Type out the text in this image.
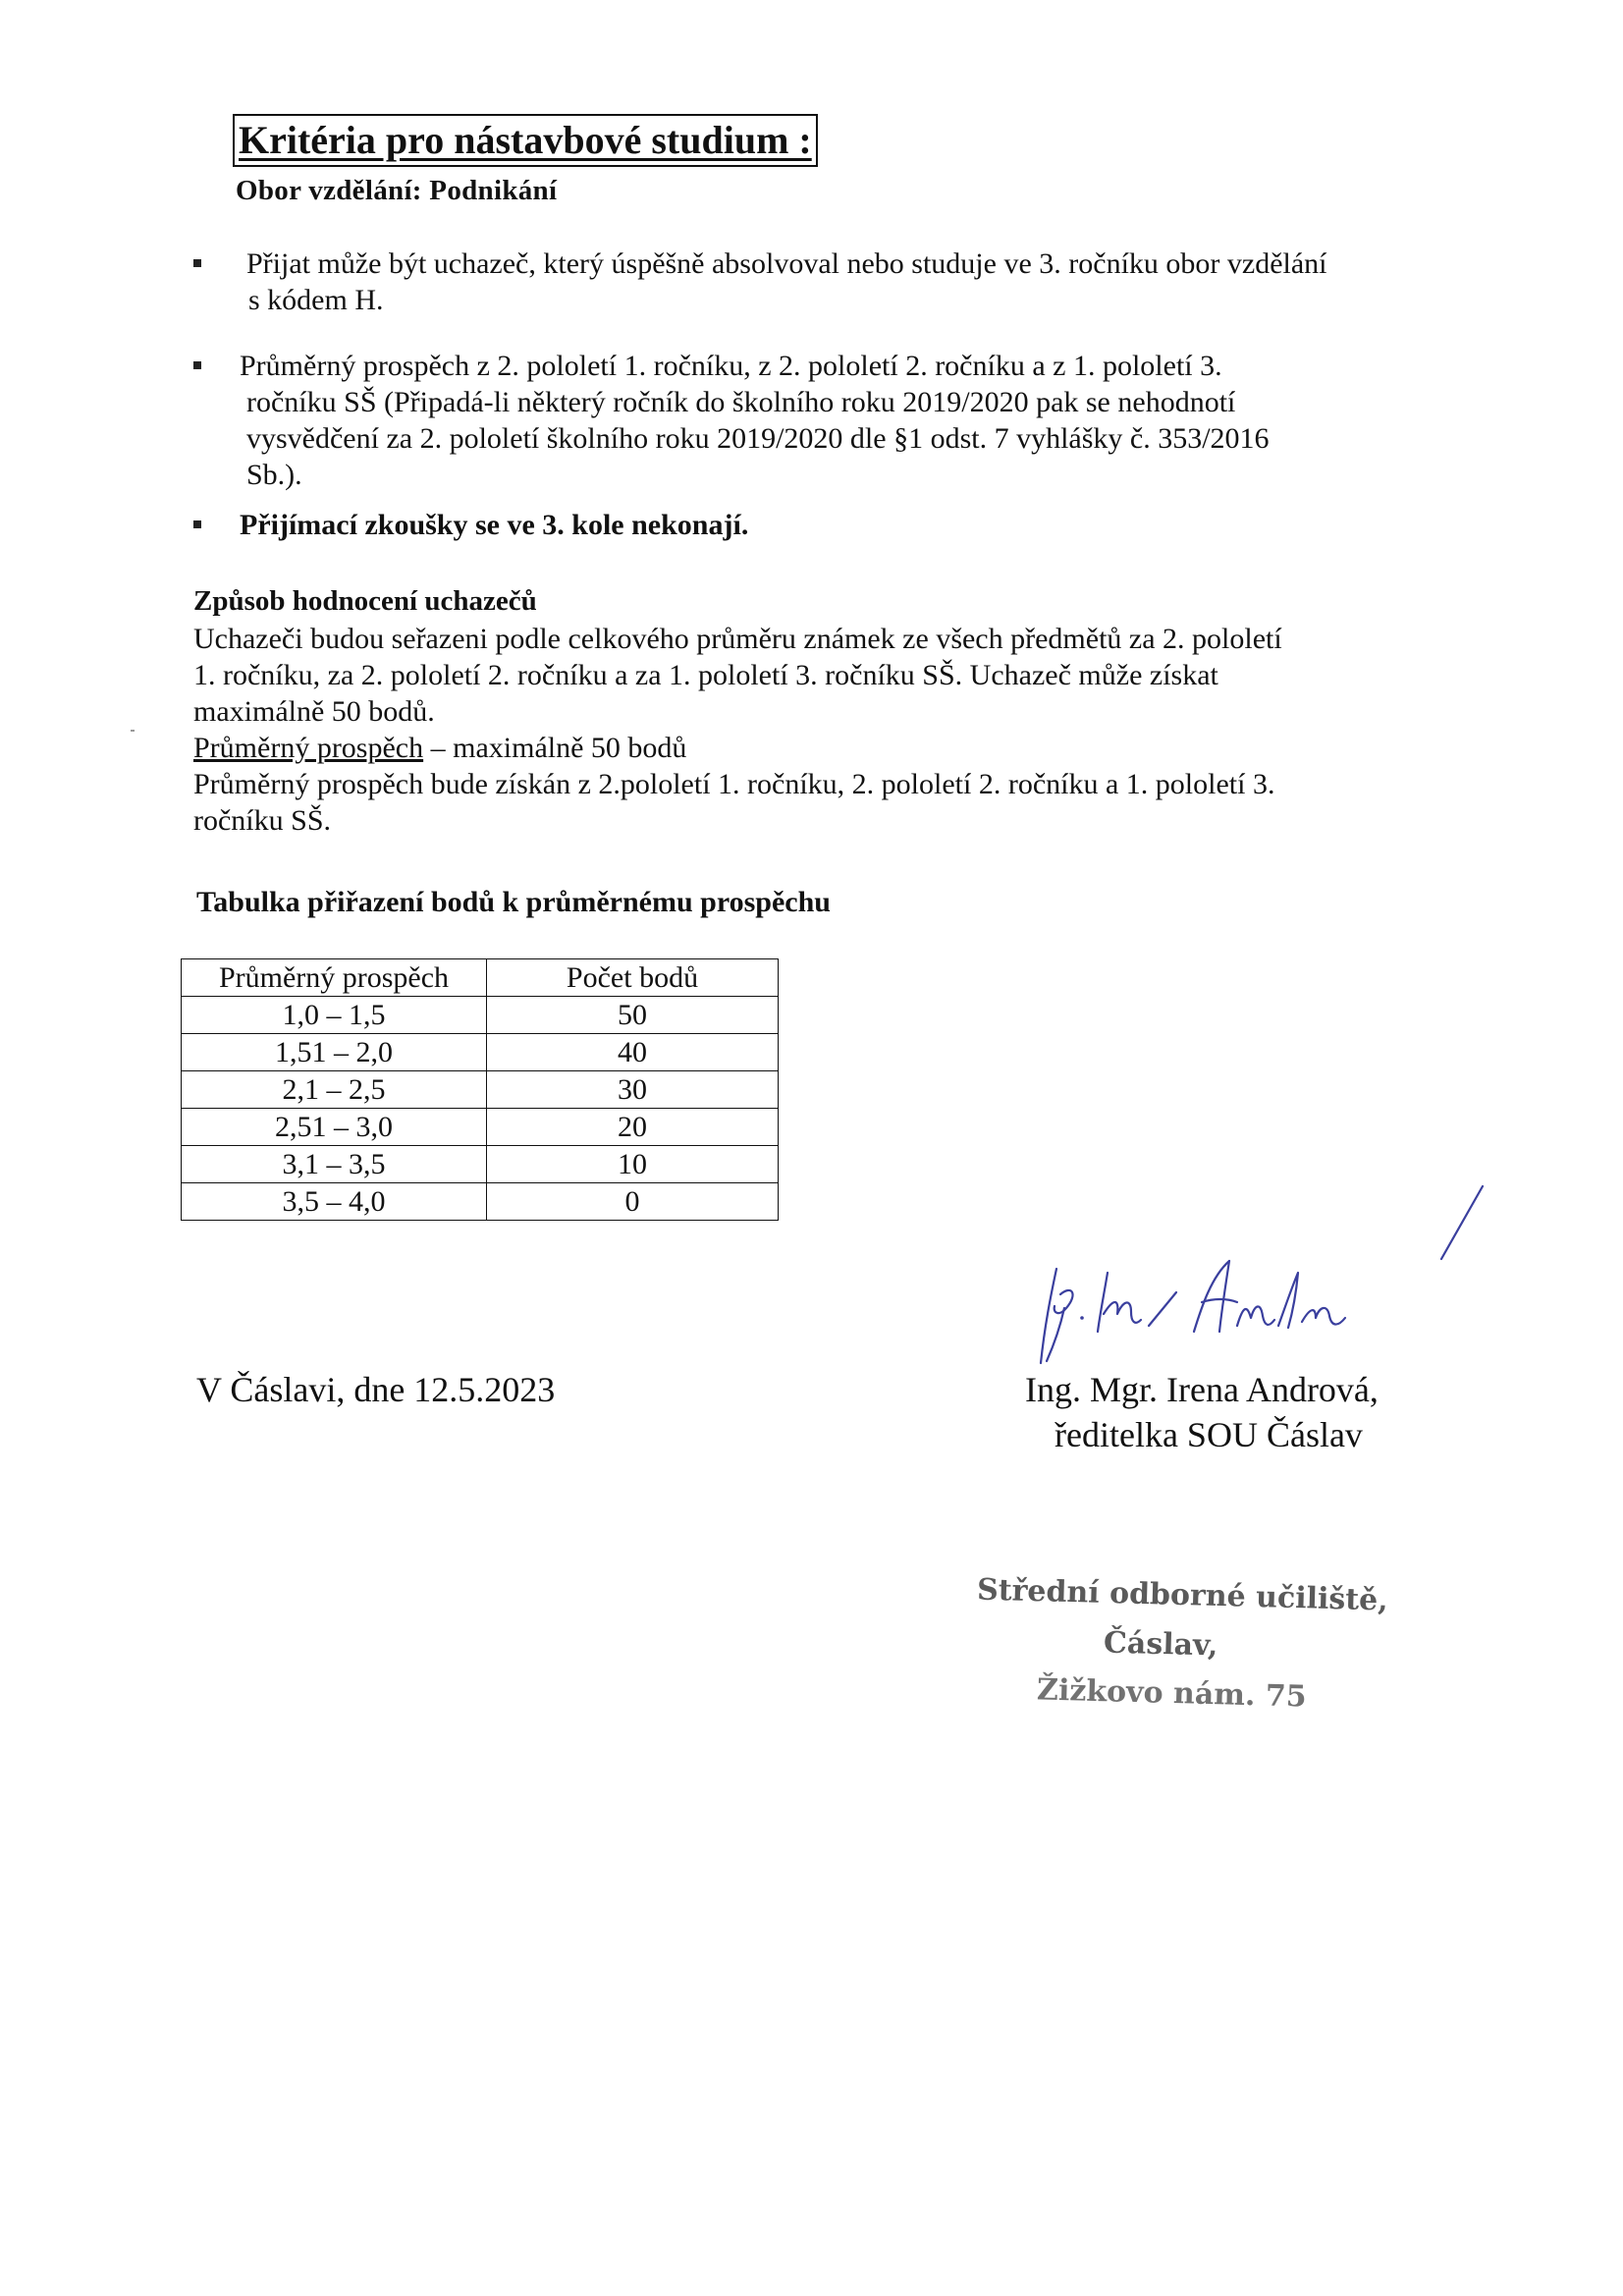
Kritéria pro nástavbové studium :
Obor vzdělání: Podnikání
Přijat může být uchazeč, který úspěšně absolvoval nebo studuje ve 3. ročníku obor vzdělání
s kódem H.
Průměrný prospěch z 2. pololetí 1. ročníku, z 2. pololetí 2. ročníku a z 1. pololetí 3.
ročníku SŠ (Připadá-li některý ročník do školního roku 2019/2020 pak se nehodnotí
vysvědčení za 2. pololetí školního roku 2019/2020 dle §1 odst. 7 vyhlášky č. 353/2016
Sb.).
Přijímací zkoušky se ve 3. kole nekonají.
Způsob hodnocení uchazečů
Uchazeči budou seřazeni podle celkového průměru známek ze všech předmětů za 2. pololetí
1. ročníku, za 2. pololetí 2. ročníku a za 1. pololetí 3. ročníku SŠ. Uchazeč může získat
maximálně 50 bodů.
Průměrný prospěch – maximálně 50 bodů
Průměrný prospěch bude získán z 2.pololetí 1. ročníku, 2. pololetí 2. ročníku a 1. pololetí 3.
ročníku SŠ.
Tabulka přiřazení bodů k průměrnému prospěchu
Průměrný prospěch	Počet bodů
1,0 – 1,5	50
1,51 – 2,0	40
2,1 – 2,5	30
2,51 – 3,0	20
3,1 – 3,5	10
3,5 – 4,0	0
V Čáslavi, dne 12.5.2023	Ing. Mgr. Irena Andrová,
ředitelka SOU Čáslav
Střední odborné učiliště,
Čáslav,
Žižkovo nám. 75
